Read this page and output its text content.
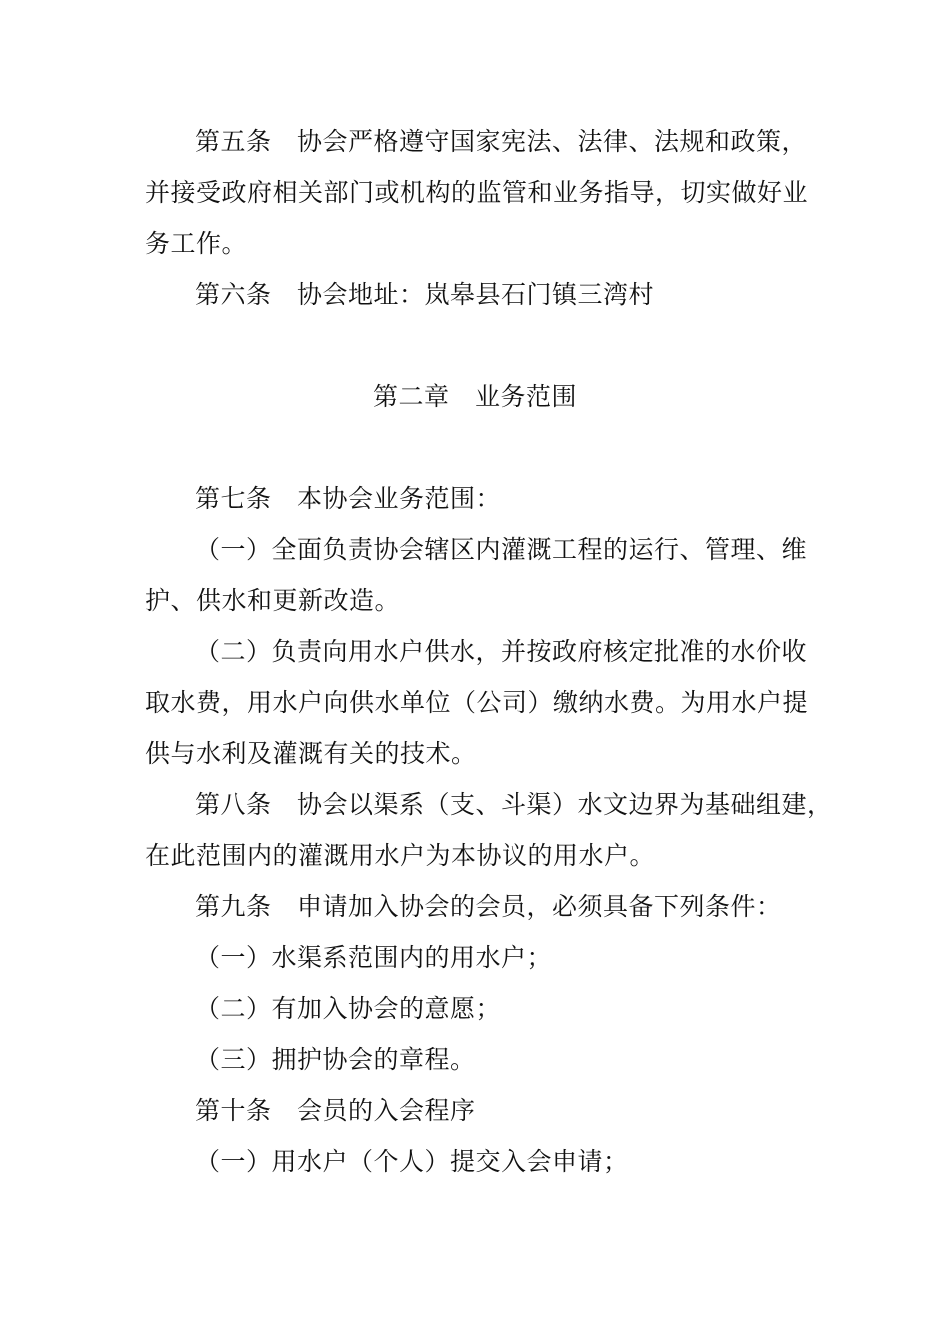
第五条　协会严格遵守国家宪法、法律、法规和政策，
并接受政府相关部门或机构的监管和业务指导，切实做好业
务工作。
第六条　协会地址：岚皋县石门镇三湾村
第二章　业务范围
第七条　本协会业务范围：
（一）全面负责协会辖区内灌溉工程的运行、管理、维
护、供水和更新改造。
（二）负责向用水户供水，并按政府核定批准的水价收
取水费，用水户向供水单位（公司）缴纳水费。为用水户提
供与水利及灌溉有关的技术。
第八条　协会以渠系（支、斗渠）水文边界为基础组建，
在此范围内的灌溉用水户为本协议的用水户。
第九条　申请加入协会的会员，必须具备下列条件：
（一）水渠系范围内的用水户；
（二）有加入协会的意愿；
（三）拥护协会的章程。
第十条　会员的入会程序
（一）用水户（个人）提交入会申请；
